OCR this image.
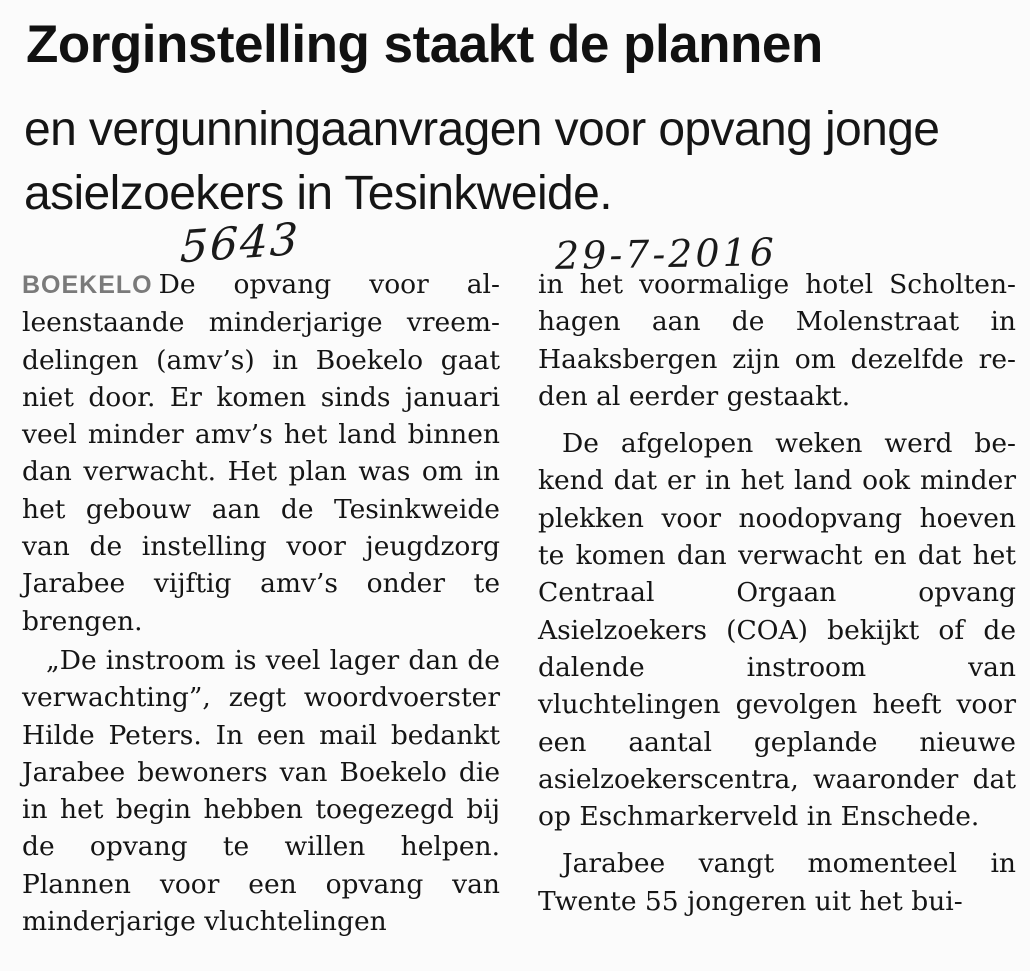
Zorginstelling staakt de plannen
en vergunningaanvragen voor opvang jonge asielzoekers in Tesinkweide.
5643	29-7-2016

BOEKELO De opvang voor alleenstaande minderjarige vreemdelingen (amv’s) in Boekelo gaat niet door. Er komen sinds januari veel minder amv’s het land binnen dan verwacht. Het plan was om in het gebouw aan de Tesinkweide van de instelling voor jeugdzorg Jarabee vijftig amv’s onder te brengen.

„De instroom is veel lager dan de verwachting”, zegt woordvoerster Hilde Peters. In een mail bedankt Jarabee bewoners van Boekelo die in het begin hebben toegezegd bij de opvang te willen helpen. Plannen voor een opvang van minderjarige vluchtelingen

in het voormalige hotel Scholtenhagen aan de Molenstraat in Haaksbergen zijn om dezelfde reden al eerder gestaakt.

De afgelopen weken werd bekend dat er in het land ook minder plekken voor noodopvang hoeven te komen dan verwacht en dat het Centraal Orgaan opvang Asielzoekers (COA) bekijkt of de dalende instroom van vluchtelingen gevolgen heeft voor een aantal geplande nieuwe asielzoekerscentra, waaronder dat op Eschmarkerveld in Enschede.

Jarabee vangt momenteel in Twente 55 jongeren uit het bui-
